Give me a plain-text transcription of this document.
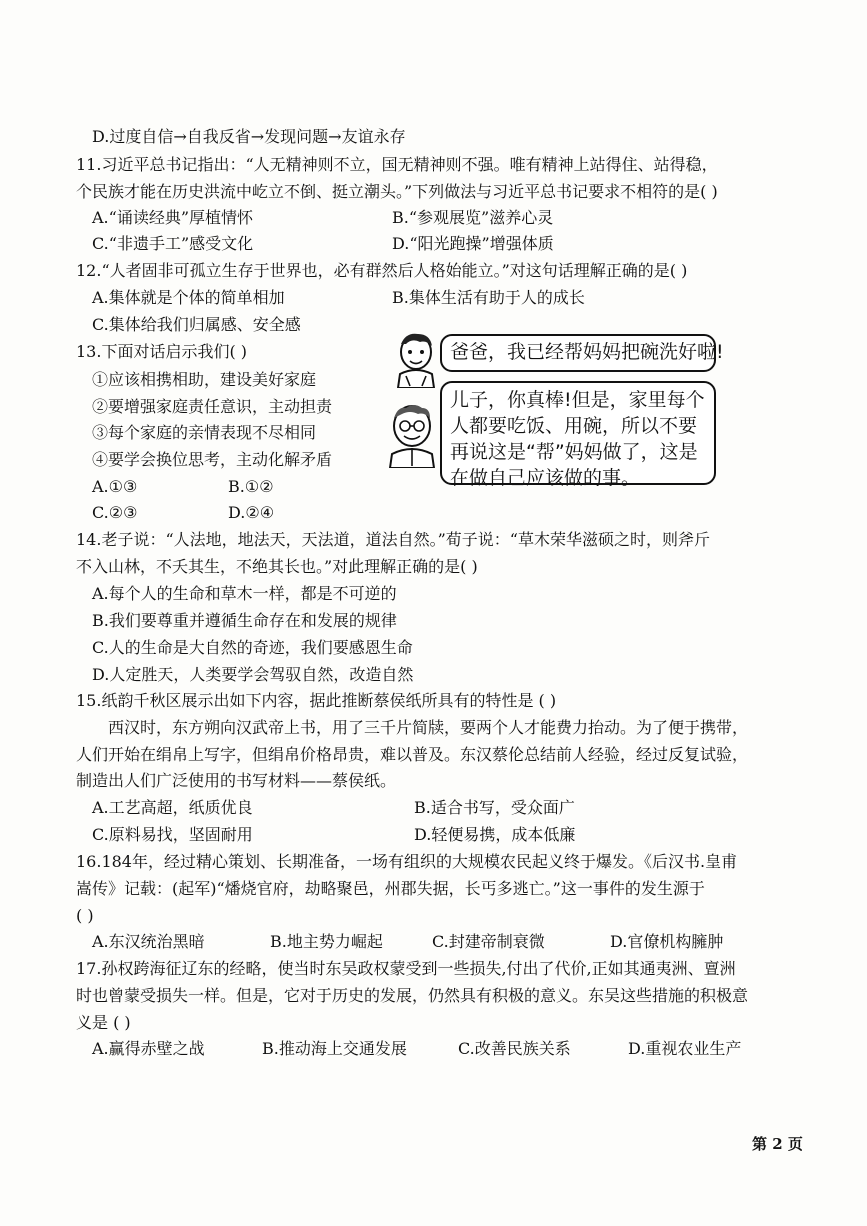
D.过度自信→自我反省→发现问题→友谊永存
11.习近平总书记指出：“人无精神则不立，国无精神则不强。唯有精神上站得住、站得稳，
个民族才能在历史洪流中屹立不倒、挺立潮头。”下列做法与习近平总书记要求不相符的是( )
A.“诵读经典”厚植情怀	B.“参观展览”滋养心灵
C.“非遗手工”感受文化	D.“阳光跑操”增强体质
12.“人者固非可孤立生存于世界也，必有群然后人格始能立。”对这句话理解正确的是( )
A.集体就是个体的简单相加	B.集体生活有助于人的成长
C.集体给我们归属感、安全感
13.下面对话启示我们( )
①应该相携相助，建设美好家庭
②要增强家庭责任意识，主动担责
③每个家庭的亲情表现不尽相同
④要学会换位思考，主动化解矛盾
A.①③	B.①②
C.②③	D.②④
爸爸，我已经帮妈妈把碗洗好啦!
儿子，你真棒!但是，家里每个人都要吃饭、用碗，所以不要再说这是“帮”妈妈做了，这是在做自己应该做的事。
14.老子说：“人法地，地法天，天法道，道法自然。”荀子说：“草木荣华滋硕之时，则斧斤
不入山林，不夭其生，不绝其长也。”对此理解正确的是( )
A.每个人的生命和草木一样，都是不可逆的
B.我们要尊重并遵循生命存在和发展的规律
C.人的生命是大自然的奇迹，我们要感恩生命
D.人定胜天，人类要学会驾驭自然，改造自然
15.纸韵千秋区展示出如下内容，据此推断蔡侯纸所具有的特性是 ( )
西汉时，东方朔向汉武帝上书，用了三千片简牍，要两个人才能费力抬动。为了便于携带，
人们开始在绢帛上写字，但绢帛价格昂贵，难以普及。东汉蔡伦总结前人经验，经过反复试验，
制造出人们广泛使用的书写材料——蔡侯纸。
A.工艺高超，纸质优良	B.适合书写，受众面广
C.原料易找，坚固耐用	D.轻便易携，成本低廉
16.184年，经过精心策划、长期准备，一场有组织的大规模农民起义终于爆发。《后汉书.皇甫
嵩传》记载：(起军)“燔烧官府，劫略聚邑，州郡失据，长丐多逃亡。”这一事件的发生源于
( )
A.东汉统治黑暗	B.地主势力崛起	C.封建帝制衰微	D.官僚机构臃肿
17.孙权跨海征辽东的经略，使当时东吴政权蒙受到一些损失,付出了代价,正如其通夷洲、亶洲
时也曾蒙受损失一样。但是，它对于历史的发展，仍然具有积极的意义。东吴这些措施的积极意
义是 ( )
A.赢得赤壁之战	B.推动海上交通发展	C.改善民族关系	D.重视农业生产
第 2 页
